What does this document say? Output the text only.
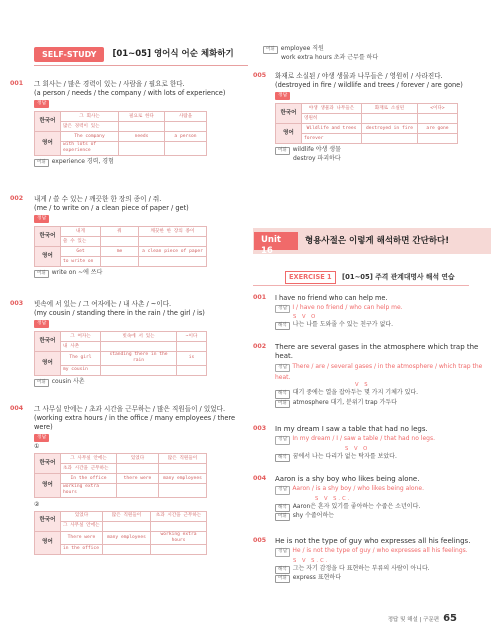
SELF-STUDY	[01~05] 영어식 어순 체화하기
001 그 회사는 / 많은 경력이 있는 / 사람을 / 필요로 한다.
(a person / needs / the company / with lots of experience)
정답
한국어	그 회사는	필요로 한다	사람을
	많은 경력이 있는		
영어	The company	needs	a person
	with lots of experience		
어휘 experience 경력, 경험
002 내게 / 쓸 수 있는 / 깨끗한 한 장의 종이 / 줘.
(me / to write on / a clean piece of paper / get)
정답
한국어	내게	줘	깨끗한 한 장의 종이
	쓸 수 있는		
영어	Get	me	a clean piece of paper
	to write on		
어휘 write on ~에 쓰다
003 빗속에 서 있는 / 그 여자에는 / 내 사촌 / ~이다.
(my cousin / standing there in the rain / the girl / is)
정답
한국어	그 여자는	빗속에 서 있는	~이다
	내 사촌		
영어	The girl	standing there in the rain	is
	my cousin		
어휘 cousin 사촌
004 그 사무실 안에는 / 초과 시간을 근무하는 / 많은 직원들이 / 있었다.
(working extra hours / in the office / many employees / there were)
정답
①
한국어	그 사무실 안에는	있었다	많은 직원들이
	초과 시간을 근무하는		
영어	In the office	there were	many employees
	working extra hours		
②
한국어	있었다	많은 직원들이	초과 시간을 근무하는
	그 사무실 안에는		
영어	There were	many employees	working extra hours
	in the office		
어휘 employee 직원
work extra hours 초과 근무를 하다
005 화재로 소실된 / 야생 생물과 나무들은 / 영원히 / 사라진다.
(destroyed in fire / wildlife and trees / forever / are gone)
정답
한국어	야생 생물과 나무들은	화재로 소실된	<이다>
	영원히		
영어	Wildlife and trees	destroyed in fire	are gone
	forever		
어휘 wildlife 야생 생물
destroy 파괴하다
Unit 16
형용사절은 이렇게 해석하면 간단하다!
EXERCISE 1	[01~05] 주격 관계대명사 해석 연습
001 I have no friend who can help me.
정답 I / have no friend / who can help me.
S V O
해석 나는 나를 도와줄 수 있는 친구가 없다.
002 There are several gases in the atmosphere which trap the heat.
정답 There / are / several gases / in the atmosphere / which trap the heat.
V S
해석 대기 중에는 열을 잡아두는 몇 가지 기체가 있다.
어휘 atmosphere 대기, 분위기 trap 가두다
003 In my dream I saw a table that had no legs.
정답 In my dream / I / saw a table / that had no legs.
S V O
해석 꿈에서 나는 다리가 없는 탁자를 보았다.
004 Aaron is a shy boy who likes being alone.
정답 Aaron / is a shy boy / who likes being alone.
S V S.C.
해석 Aaron은 혼자 있기를 좋아하는 수줍은 소년이다.
어휘 shy 수줍어하는
005 He is not the type of guy who expresses all his feelings.
정답 He / is not the type of guy / who expresses all his feelings.
S V S.C.
해석 그는 자기 감정을 다 표현하는 부류의 사람이 아니다.
어휘 express 표현하다
정답 및 해설 | 구문편 65
